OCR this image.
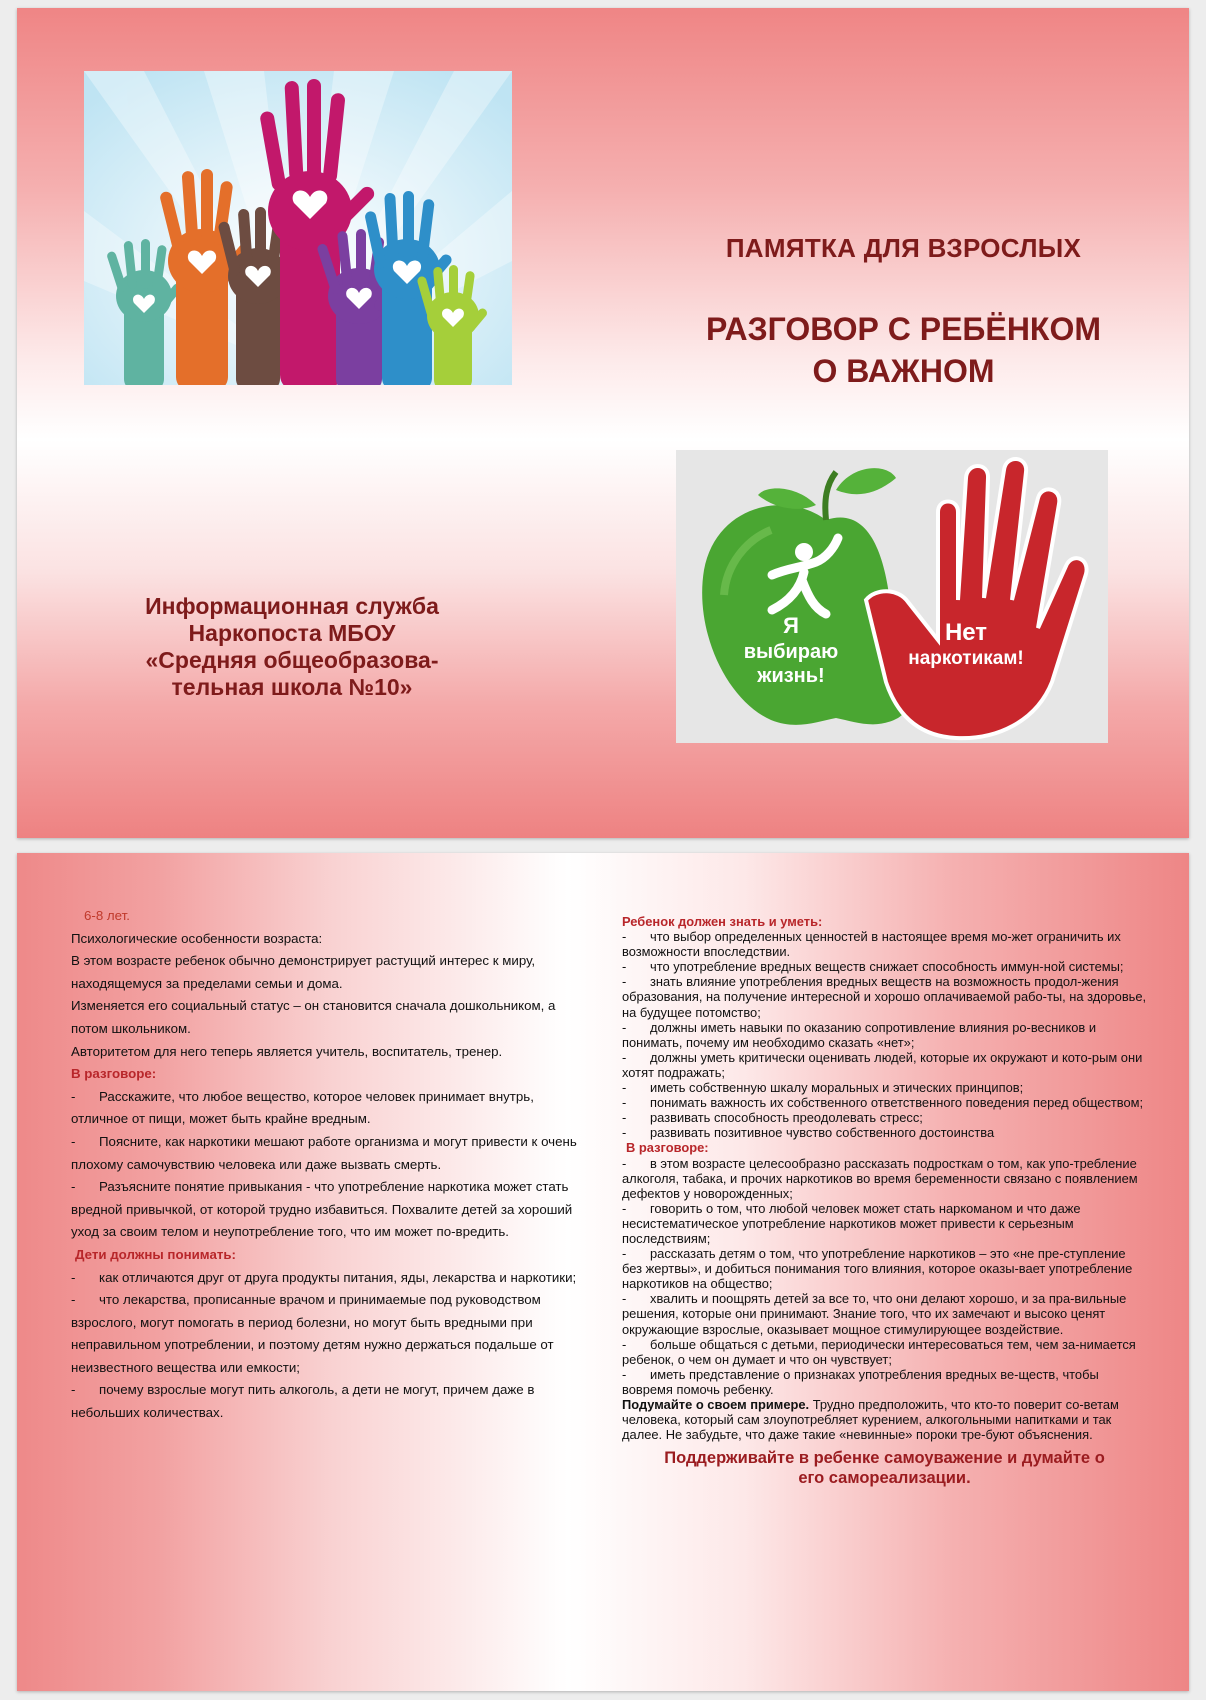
ПАМЯТКА ДЛЯ ВЗРОСЛЫХ
РАЗГОВОР С РЕБЁНКОМ
О ВАЖНОМ
Информационная служба
Наркопоста МБОУ
«Средняя общеобразова-
тельная школа №10»
Я
выбираю
жизнь!
Нет
наркотикам!
6-8 лет.
Психологические особенности возраста:
В этом возрасте ребенок обычно демонстрирует растущий интерес к миру, находящемуся за пределами семьи и дома.
Изменяется его социальный статус – он становится сначала дошкольником, а потом школьником.
Авторитетом для него теперь является учитель, воспитатель, тренер.
В разговоре:
- Расскажите, что любое вещество, которое человек принимает внутрь, отличное от пищи, может быть крайне вредным.
- Поясните, как наркотики мешают работе организма и могут привести к очень плохому самочувствию человека или даже вызвать смерть.
- Разъясните понятие привыкания - что употребление наркотика может стать вредной привычкой, от которой трудно избавиться. Похвалите детей за хороший уход за своим телом и неупотребление того, что им может по-вредить.
Дети должны понимать:
- как отличаются друг от друга продукты питания, яды, лекарства и наркотики;
- что лекарства, прописанные врачом и принимаемые под руководством взрослого, могут помогать в период болезни, но могут быть вредными при неправильном употреблении, и поэтому детям нужно держаться подальше от неизвестного вещества или емкости;
- почему взрослые могут пить алкоголь, а дети не могут, причем даже в небольших количествах.
Ребенок должен знать и уметь:
- что выбор определенных ценностей в настоящее время мо-жет ограничить их возможности впоследствии.
- что употребление вредных веществ снижает способность иммун-ной системы;
- знать влияние употребления вредных веществ на возможность продол-жения образования, на получение интересной и хорошо оплачиваемой рабо-ты, на здоровье, на будущее потомство;
- должны иметь навыки по оказанию сопротивление влияния ро-весников и понимать, почему им необходимо сказать «нет»;
- должны уметь критически оценивать людей, которые их окружают и кото-рым они хотят подражать;
- иметь собственную шкалу моральных и этических принципов;
- понимать важность их собственного ответственного поведения перед обществом;
- развивать способность преодолевать стресс;
- развивать позитивное чувство собственного достоинства
В разговоре:
- в этом возрасте целесообразно рассказать подросткам о том, как упо-требление алкоголя, табака, и прочих наркотиков во время беременности связано с появлением дефектов у новорожденных;
- говорить о том, что любой человек может стать наркоманом и что даже несистематическое употребление наркотиков может привести к серьезным последствиям;
- рассказать детям о том, что употребление наркотиков – это «не пре-ступление без жертвы», и добиться понимания того влияния, которое оказы-вает употребление наркотиков на общество;
- хвалить и поощрять детей за все то, что они делают хорошо, и за пра-вильные решения, которые они принимают. Знание того, что их замечают и высоко ценят окружающие взрослые, оказывает мощное стимулирующее воздействие.
- больше общаться с детьми, периодически интересоваться тем, чем за-нимается ребенок, о чем он думает и что он чувствует;
- иметь представление о признаках употребления вредных ве-ществ, чтобы вовремя помочь ребенку.
Подумайте о своем примере. Трудно предположить, что кто-то поверит со-ветам человека, который сам злоупотребляет курением, алкогольными напитками и так далее. Не забудьте, что даже такие «невинные» пороки тре-буют объяснения.
Поддерживайте в ребенке самоуважение и думайте о
его самореализации.
